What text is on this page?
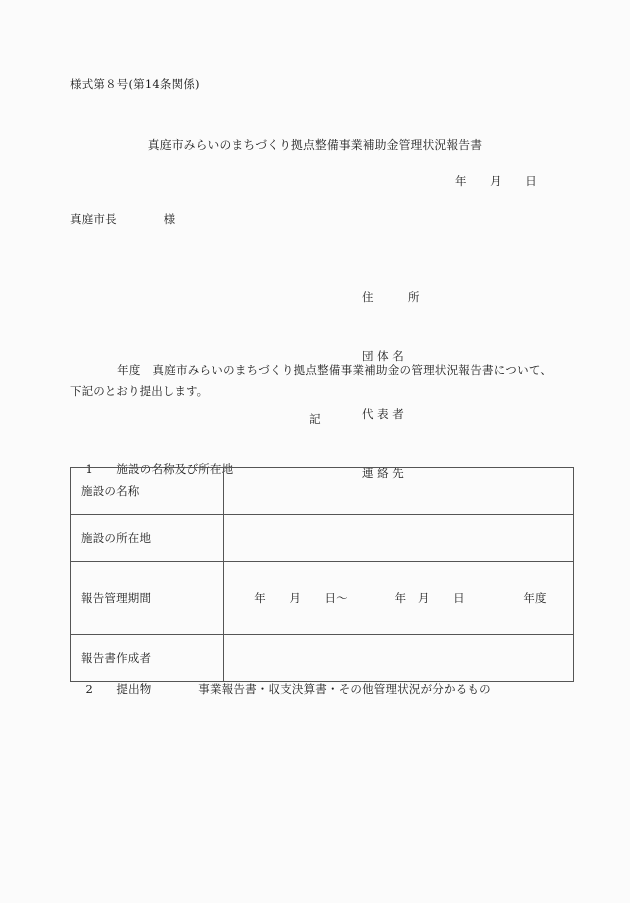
様式第８号(第14条関係)
真庭市みらいのまちづくり拠点整備事業補助金管理状況報告書
年　　月　　日
真庭市長　　　　様

住　　　所

団 体 名

代 表 者

連 絡 先

　　　　年度　真庭市みらいのまちづくり拠点整備事業補助金の管理状況報告書について、下記のとおり提出します。
記

1　　 施設の名称及び所在地

施設の名称	
施設の所在地	
報告管理期間	年　　月　　日～　　　　年　月　　日　　　　　年度

報告書作成者	

2　　 提出物　　　　	事業報告書・収支決算書・その他管理状況が分かるもの
